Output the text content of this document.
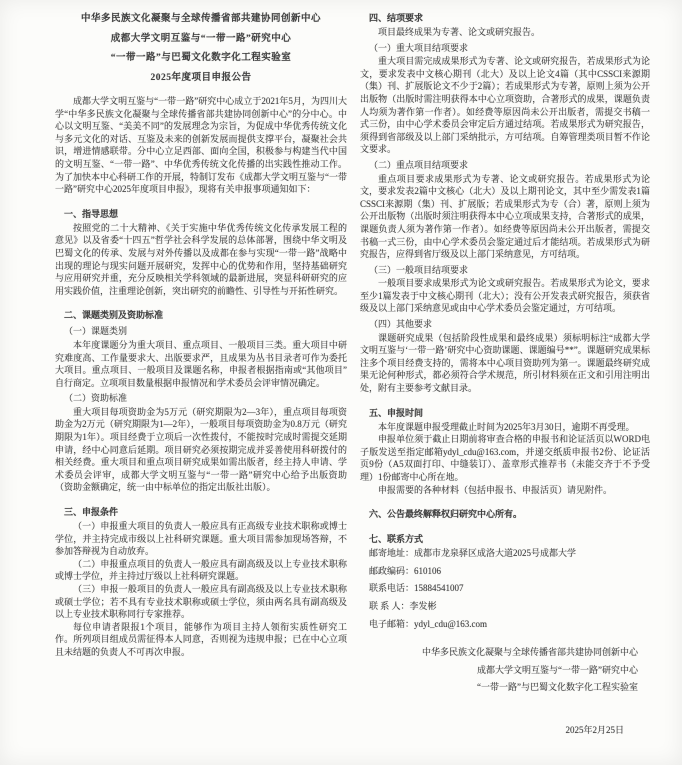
中华多民族文化凝聚与全球传播省部共建协同创新中心

成都大学文明互鉴与“一带一路”研究中心

“一带一路”与巴蜀文化数字化工程实验室

2025年度项目申报公告

成都大学文明互鉴与“一带一路”研究中心成立于2021年5月，为四川大学“中华多民族文化凝聚与全球传播省部共建协同创新中心”的分中心。中心以文明互鉴、“美美不同”的发展理念为宗旨，为促成中华优秀传统文化与多元文化的对话、互鉴及未来的创新发展而提供支撑平台，凝聚社会共识，增进情感联带。分中心立足西部、面向全国，积极参与构建当代中国的文明互鉴、“一带一路”、中华优秀传统文化传播的出实践性推动工作。为了加快本中心科研工作的开展，特制订发布《成都大学文明互鉴与“一带一路”研究中心2025年度项目申报》，现将有关申报事项通知如下：

一、指导思想

按照党的二十大精神、《关于实施中华优秀传统文化传承发展工程的意见》以及省委“十四五”哲学社会科学发展的总体部署，围绕中华文明及巴蜀文化的传承、发展与对外传播以及成都在参与实现“一带一路”战略中出现的理论与现实问题开展研究，发挥中心的优势和作用，坚持基础研究与应用研究并重，充分反映相关学科领域的最新进展，突显科研研究的应用实践价值，注重理论创新，突出研究的前瞻性、引导性与开拓性研究。

二、课题类别及资助标准

（一）课题类别

本年度课题分为重大项目、重点项目、一般项目三类。重大项目中研究难度高、工作量要求大、出版要求严，且成果为丛书目录者可作为委托大项目。重点项目、一般项目及课题名称，申报者根据指南或“其他项目”自行商定。立项项目数量根据申报情况和学术委员会评审情况确定。

（二）资助标准

重大项目每项资助金为5万元（研究期限为2—3年），重点项目每项资助金为2万元（研究期限为1—2年），一般项目每项资助金为0.8万元（研究期限为1年）。项目经费于立项后一次性拨付，不能按时完成时需提交延期申请，经中心同意后延期。项目研究必须按期完成并妥善使用科研拨付的相关经费。重大项目和重点项目研究成果如需出版者，经主持人申请、学术委员会评审，成都大学文明互鉴与“一带一路”研究中心给予出版资助（资助金额确定，统一由中标单位的指定出版社出版）。

三、申报条件

（一）申报重大项目的负责人一般应具有正高级专业技术职称或博士学位，并主持完成市级以上社科研究课题。重大项目需参加现场答辩，不参加答辩视为自动放弃。

（二）申报重点项目的负责人一般应具有副高级及以上专业技术职称或博士学位，并主持过厅级以上社科研究课题。

（三）申报一般项目的负责人一般应具有副高级及以上专业技术职称或硕士学位；若不具有专业技术职称或硕士学位，须由两名具有副高级及以上专业技术职称同行专家推荐。

每位申请者限报1个项目，能够作为项目主持人领衔实质性研究工作。所列项目组成员需征得本人同意，否则视为违规申报；已在中心立项且未结题的负责人不可再次申报。

四、结项要求

项目最终成果为专著、论文或研究报告。

（一）重大项目结项要求

重大项目需完成成果形式为专著、论文或研究报告，若成果形式为论文，要求发表中文核心期刊（北大）及以上论文4篇（其中CSSCI来源期（集）刊、扩展版论文不少于2篇）；若成果形式为专著，原则上须为公开出版物（出版时需注明获得本中心立项资助，合著形式的成果，课题负责人均须为著作第一作者）。如经费等原因尚未公开出版者，需提交书稿一式三份，由中心学术委员会审定后方通过结项。若成果形式为研究报告，须得到省部级及以上部门采纳批示，方可结项。自筹管理类项目暂不作论文要求。

（二）重点项目结项要求

重点项目要求成果形式为专著、论文或研究报告。若成果形式为论文，要求发表2篇中文核心（北大）及以上期刊论文，其中至少需发表1篇CSSCI来源期（集）刊、扩展版；若成果形式为专（合）著，原则上须为公开出版物（出版时须注明获得本中心立项成果支持，合著形式的成果，课题负责人须为著作第一作者）。如经费等原因尚未公开出版者，需提交书稿一式三份，由中心学术委员会鉴定通过后才能结项。若成果形式为研究报告，应得到省厅级及以上部门采纳意见，方可结项。

（三）一般项目结项要求

一般项目要求成果形式为论文或研究报告。若成果形式为论文，要求至少1篇发表于中文核心期刊（北大）；没有公开发表式研究报告，须获省级及以上部门采纳意见或由中心学术委员会鉴定通过，方可结项。

（四）其他要求

课题研究成果（包括阶段性成果和最终成果）须标明标注“成都大学文明互鉴与‘一带一路’研究中心资助课题、课题编号**”。课题研究成果标注多个项目经费支持的，需将本中心项目资助列为第一。课题最终研究成果无论何种形式，都必须符合学术规范，所引材料须在正文和引用注明出处，附有主要参考文献目录。

五、申报时间

本年度课题申报受理截止时间为2025年3月30日，逾期不再受理。

申报单位须于截止日期前将审查合格的申报书和论证活页以WORD电子版发送至指定邮箱ydyl_cdu@163.com，并递交纸质申报书2份、论证活页9份（A5双面打印、中缝装订）、盖章形式推荐书（未能交齐于不予受理）1份邮寄中心所在地。

申报需要的各种材料（包括申报书、申报活页）请见附件。

六、公告最终解释权归研究中心所有。

七、联系方式

邮寄地址：成都市龙泉驿区成洛大道2025号成都大学

邮政编码：610106

联系电话：15884541007

联 系 人：李发彬

电子邮箱：ydyl_cdu@163.com

中华多民族文化凝聚与全球传播省部共建协同创新中心

成都大学文明互鉴与“一带一路”研究中心

“一带一路”与巴蜀文化数字化工程实验室

2025年2月25日
